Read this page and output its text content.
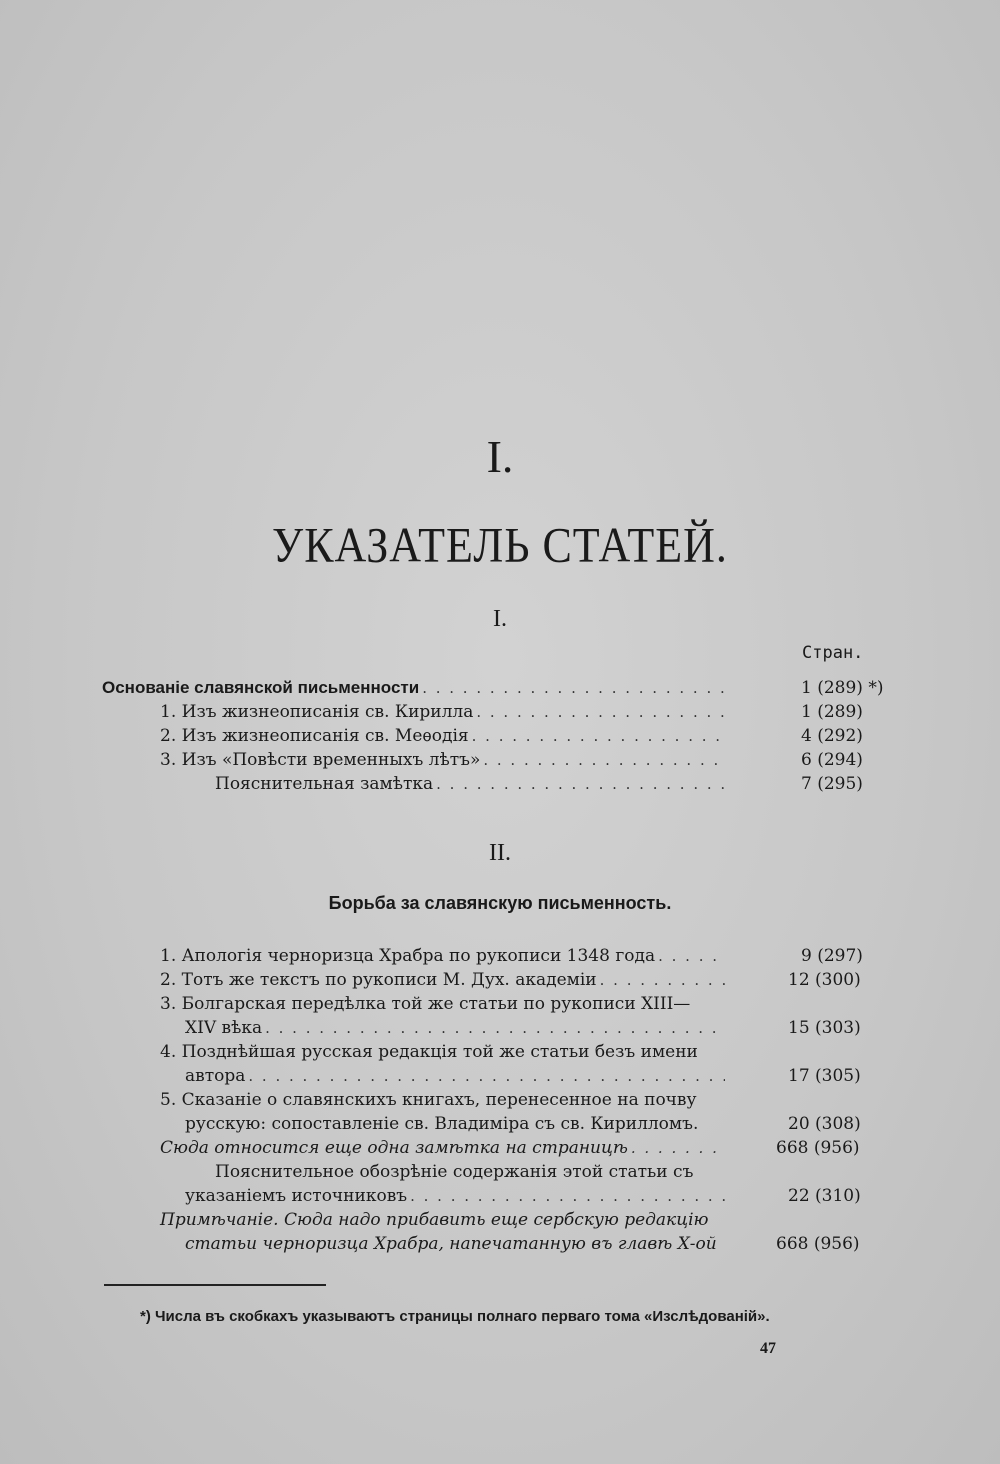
I.
УКАЗАТЕЛЬ СТАТЕЙ.
I.
Стран.
Основаніе славянской письменности . . .	1 (289) *)
1. Изъ жизнеописанія св. Кирилла . . .	1 (289)
2. Изъ жизнеописанія св. Меѳодія . . .	4 (292)
3. Изъ «Повѣсти временныхъ лѣтъ» . . .	6 (294)
Пояснительная замѣтка . . .	7 (295)
II.
Борьба за славянскую письменность.
1. Апологія черноризца Храбра по рукописи 1348 года . . .	9 (297)
2. Тотъ же текстъ по рукописи М. Дух. академіи . . .	12 (300)
3. Болгарская передѣлка той же статьи по рукописи XIII—
XIV вѣка . . .	15 (303)
4. Позднѣйшая русская редакція той же статьи безъ имени
автора . . .	17 (305)
5. Сказаніе о славянскихъ книгахъ, перенесенное на почву
русскую: сопоставленіе св. Владиміра съ св. Кирилломъ.	20 (308)
Сюда относится еще одна замѣтка на страницѣ . . .	668 (956)
Пояснительное обозрѣніе содержанія этой статьи съ
указаніемъ источниковъ . . .	22 (310)
Примѣчаніе. Сюда надо прибавить еще сербскую редакцію
статьи черноризца Храбра, напечатанную въ главѣ Х-ой	668 (956)
*) Числа въ скобкахъ указываютъ страницы полнаго перваго тома «Изслѣдованій».
47
